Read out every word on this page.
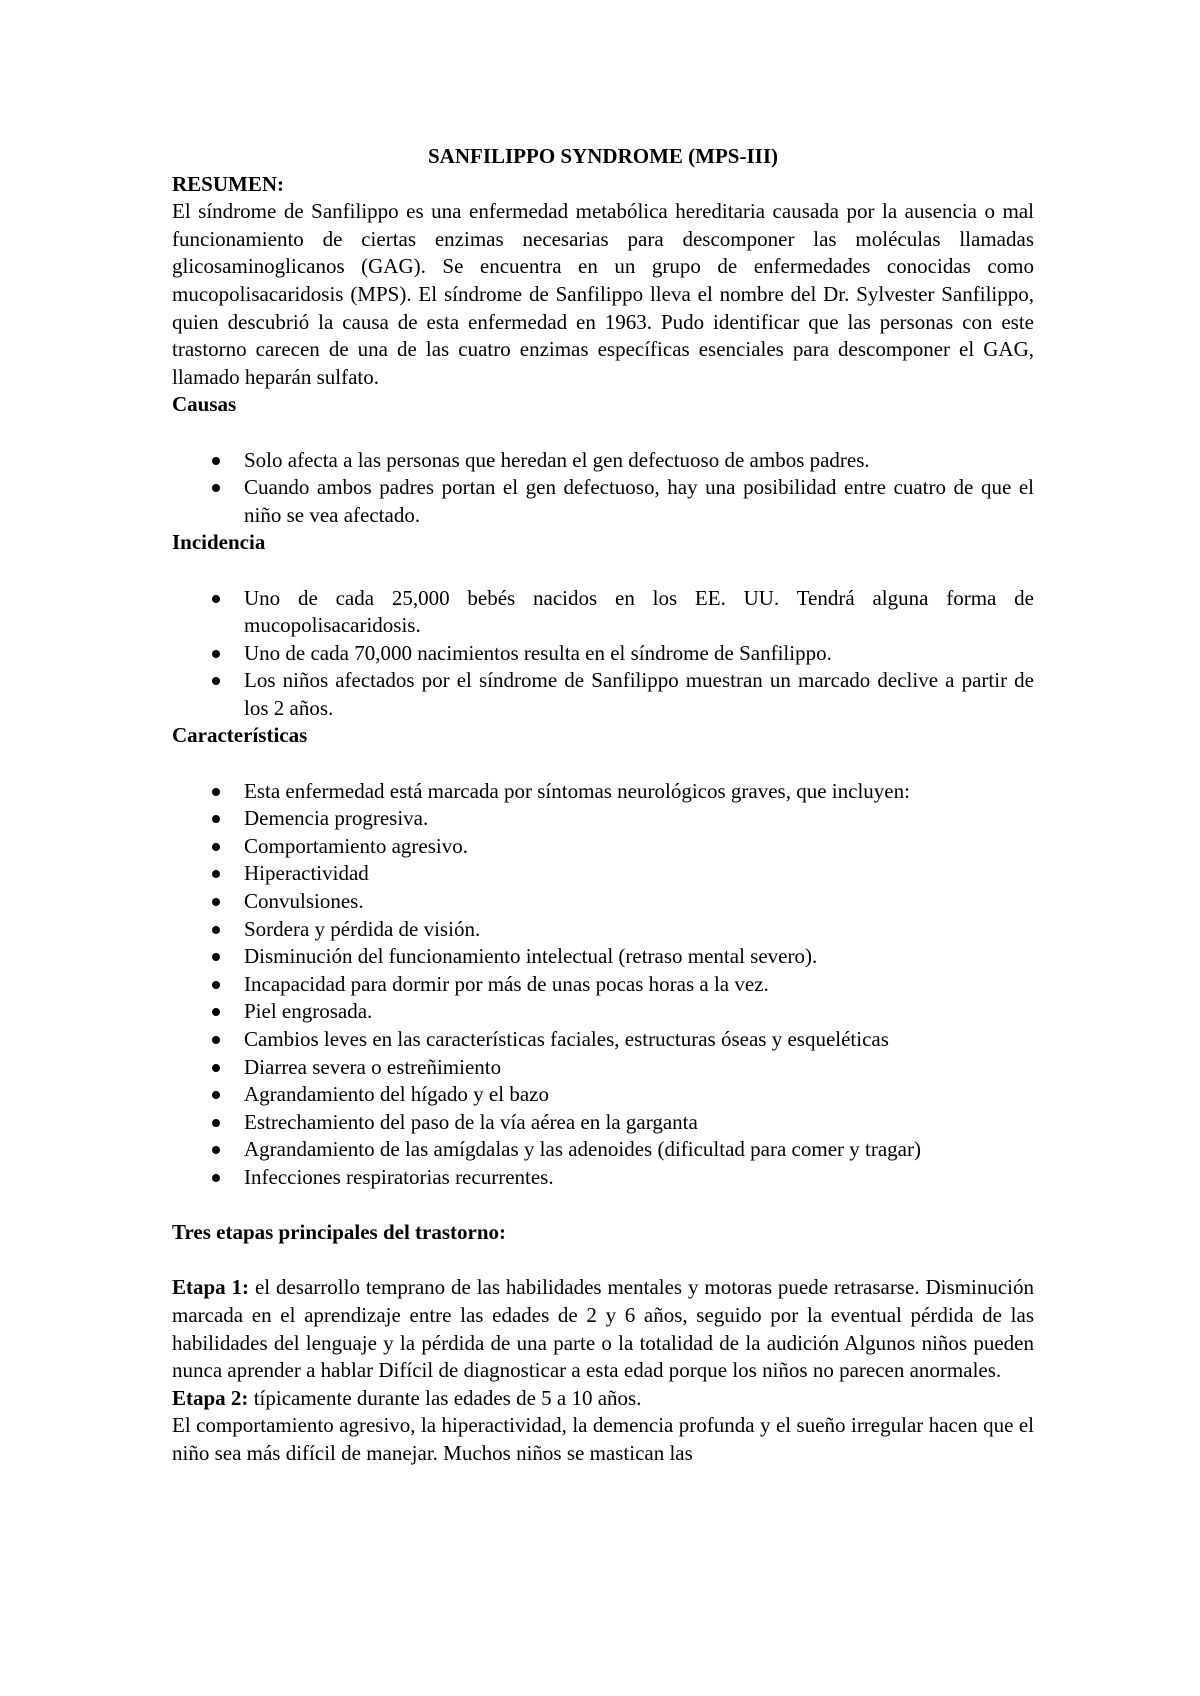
SANFILIPPO SYNDROME (MPS-III)

RESUMEN:

El síndrome de Sanfilippo es una enfermedad metabólica hereditaria causada por la ausencia o mal funcionamiento de ciertas enzimas necesarias para descomponer las moléculas llamadas glicosaminoglicanos (GAG). Se encuentra en un grupo de enfermedades conocidas como mucopolisacaridosis (MPS). El síndrome de Sanfilippo lleva el nombre del Dr. Sylvester Sanfilippo, quien descubrió la causa de esta enfermedad en 1963. Pudo identificar que las personas con este trastorno carecen de una de las cuatro enzimas específicas esenciales para descomponer el GAG, llamado heparán sulfato.

Causas

Solo afecta a las personas que heredan el gen defectuoso de ambos padres.
Cuando ambos padres portan el gen defectuoso, hay una posibilidad entre cuatro de que el niño se vea afectado.

Incidencia

Uno de cada 25,000 bebés nacidos en los EE. UU. Tendrá alguna forma de mucopolisacaridosis.
Uno de cada 70,000 nacimientos resulta en el síndrome de Sanfilippo.
Los niños afectados por el síndrome de Sanfilippo muestran un marcado declive a partir de los 2 años.

Características

Esta enfermedad está marcada por síntomas neurológicos graves, que incluyen:
Demencia progresiva.
Comportamiento agresivo.
Hiperactividad
Convulsiones.
Sordera y pérdida de visión.
Disminución del funcionamiento intelectual (retraso mental severo).
Incapacidad para dormir por más de unas pocas horas a la vez.
Piel engrosada.
Cambios leves en las características faciales, estructuras óseas y esqueléticas
Diarrea severa o estreñimiento
Agrandamiento del hígado y el bazo
Estrechamiento del paso de la vía aérea en la garganta
Agrandamiento de las amígdalas y las adenoides (dificultad para comer y tragar)
Infecciones respiratorias recurrentes.

Tres etapas principales del trastorno:

Etapa 1: el desarrollo temprano de las habilidades mentales y motoras puede retrasarse. Disminución marcada en el aprendizaje entre las edades de 2 y 6 años, seguido por la eventual pérdida de las habilidades del lenguaje y la pérdida de una parte o la totalidad de la audición Algunos niños pueden nunca aprender a hablar Difícil de diagnosticar a esta edad porque los niños no parecen anormales.

Etapa 2: típicamente durante las edades de 5 a 10 años.

El comportamiento agresivo, la hiperactividad, la demencia profunda y el sueño irregular hacen que el niño sea más difícil de manejar. Muchos niños se mastican las
